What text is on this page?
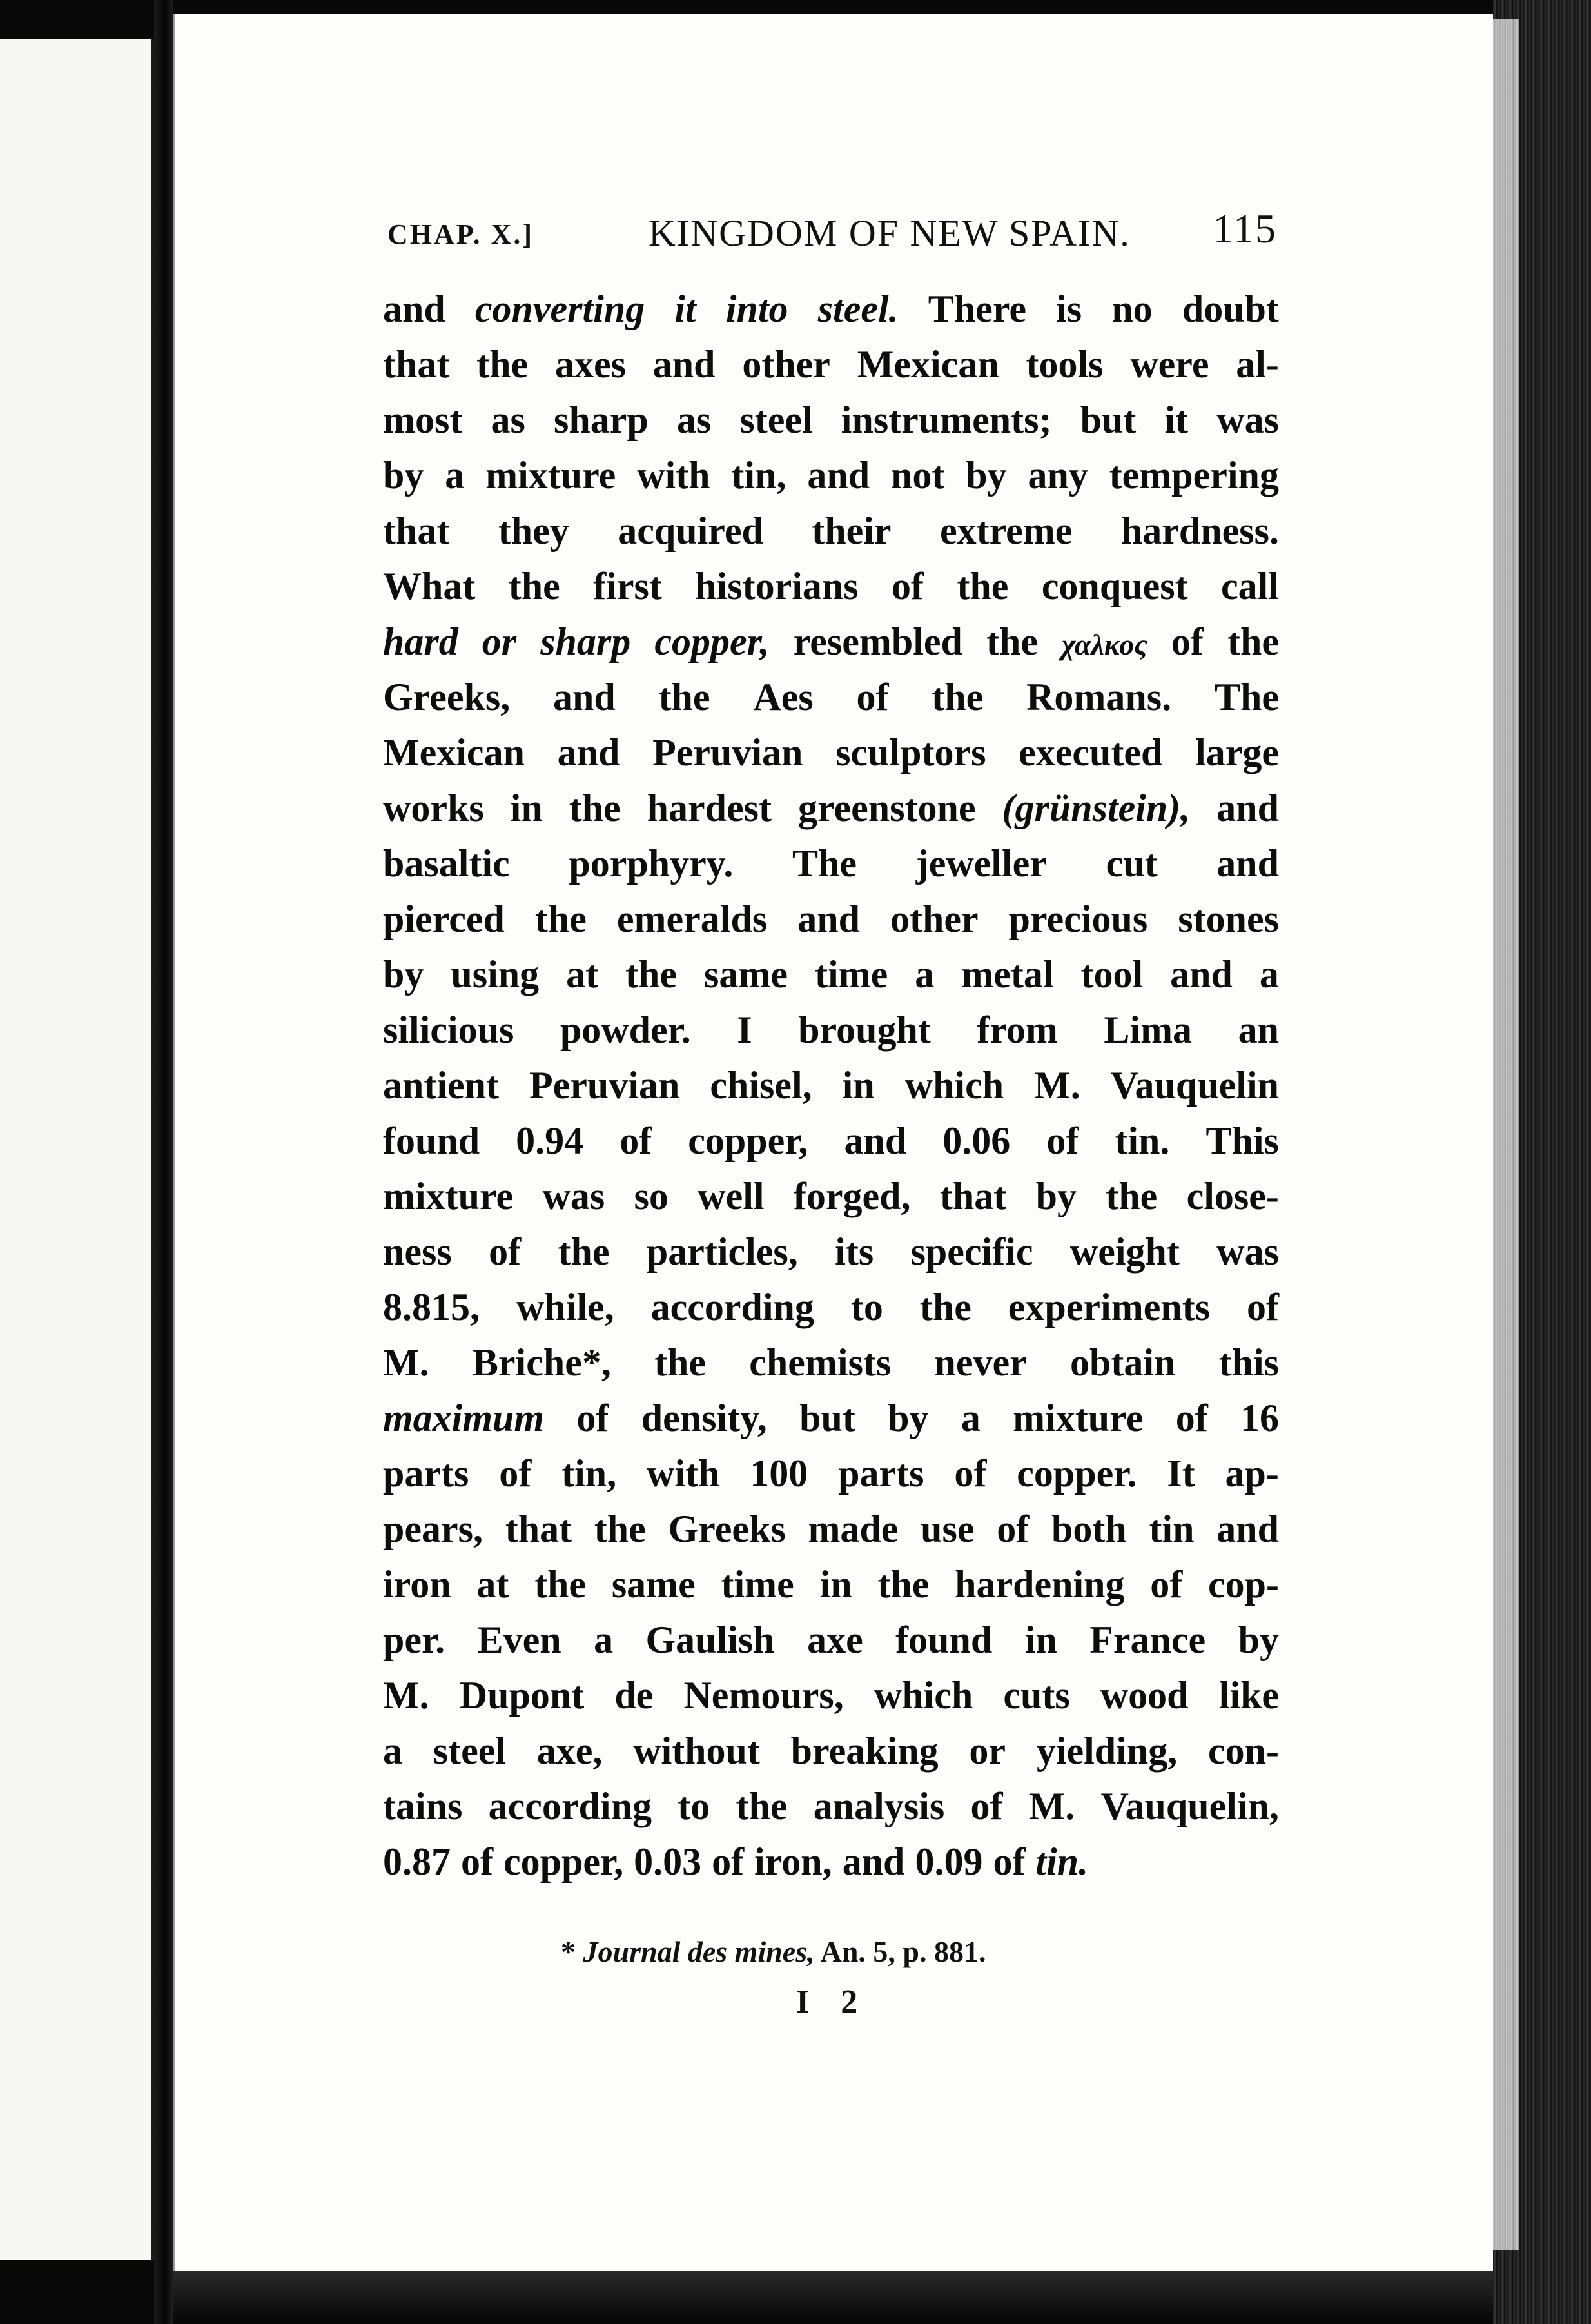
CHAP. X.]	KINGDOM OF NEW SPAIN. 115
and converting it into steel. There is no doubt
that the axes and other Mexican tools were al-
most as sharp as steel instruments; but it was
by a mixture with tin, and not by any tempering
that they acquired their extreme hardness.
What the first historians of the conquest call
hard or sharp copper, resembled the χαλκος of the
Greeks, and the Aes of the Romans. The
Mexican and Peruvian sculptors executed large
works in the hardest greenstone (grünstein), and
basaltic porphyry. The jeweller cut and
pierced the emeralds and other precious stones
by using at the same time a metal tool and a
silicious powder. I brought from Lima an
antient Peruvian chisel, in which M. Vauquelin
found 0.94 of copper, and 0.06 of tin. This
mixture was so well forged, that by the close-
ness of the particles, its specific weight was
8.815, while, according to the experiments of
M. Briche*, the chemists never obtain this
maximum of density, but by a mixture of 16
parts of tin, with 100 parts of copper. It ap-
pears, that the Greeks made use of both tin and
iron at the same time in the hardening of cop-
per. Even a Gaulish axe found in France by
M. Dupont de Nemours, which cuts wood like
a steel axe, without breaking or yielding, con-
tains according to the analysis of M. Vauquelin,
0.87 of copper, 0.03 of iron, and 0.09 of tin.
* Journal des mines, An. 5, p. 881.
I 2
